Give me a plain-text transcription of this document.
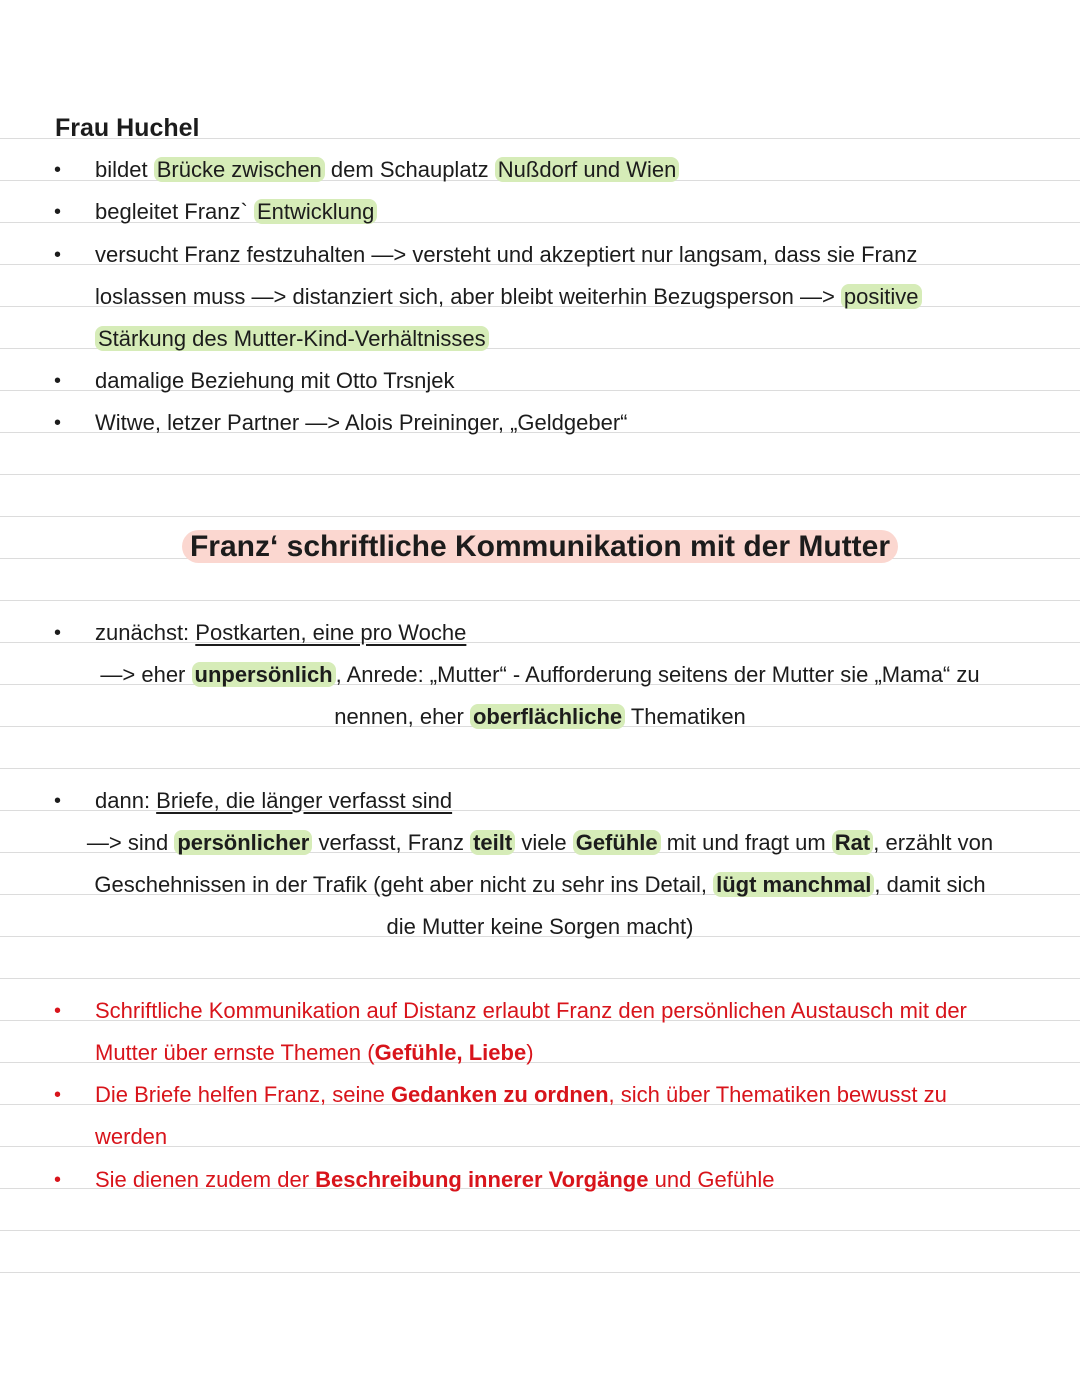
Frau Huchel
• bildet Brücke zwischen dem Schauplatz Nußdorf und Wien
• begleitet Franz` Entwicklung
• versucht Franz festzuhalten —> versteht und akzeptiert nur langsam, dass sie Franz
loslassen muss —> distanziert sich, aber bleibt weiterhin Bezugsperson —> positive
Stärkung des Mutter-Kind-Verhältnisses
• damalige Beziehung mit Otto Trsnjek
• Witwe, letzer Partner —> Alois Preininger, „Geldgeber“
Franz‘ schriftliche Kommunikation mit der Mutter
• zunächst: Postkarten, eine pro Woche
—> eher unpersönlich , Anrede: „Mutter“ - Aufforderung seitens der Mutter sie „Mama“ zu
nennen, eher oberflächliche Thematiken
• dann: Briefe, die länger verfasst sind
—> sind persönlicher verfasst, Franz teilt viele Gefühle mit und fragt um Rat , erzählt von
Geschehnissen in der Trafik (geht aber nicht zu sehr ins Detail, lügt manchmal , damit sich
die Mutter keine Sorgen macht)
• Schriftliche Kommunikation auf Distanz erlaubt Franz den persönlichen Austausch mit der
Mutter über ernste Themen (Gefühle, Liebe)
• Die Briefe helfen Franz, seine Gedanken zu ordnen, sich über Thematiken bewusst zu
werden
• Sie dienen zudem der Beschreibung innerer Vorgänge und Gefühle
